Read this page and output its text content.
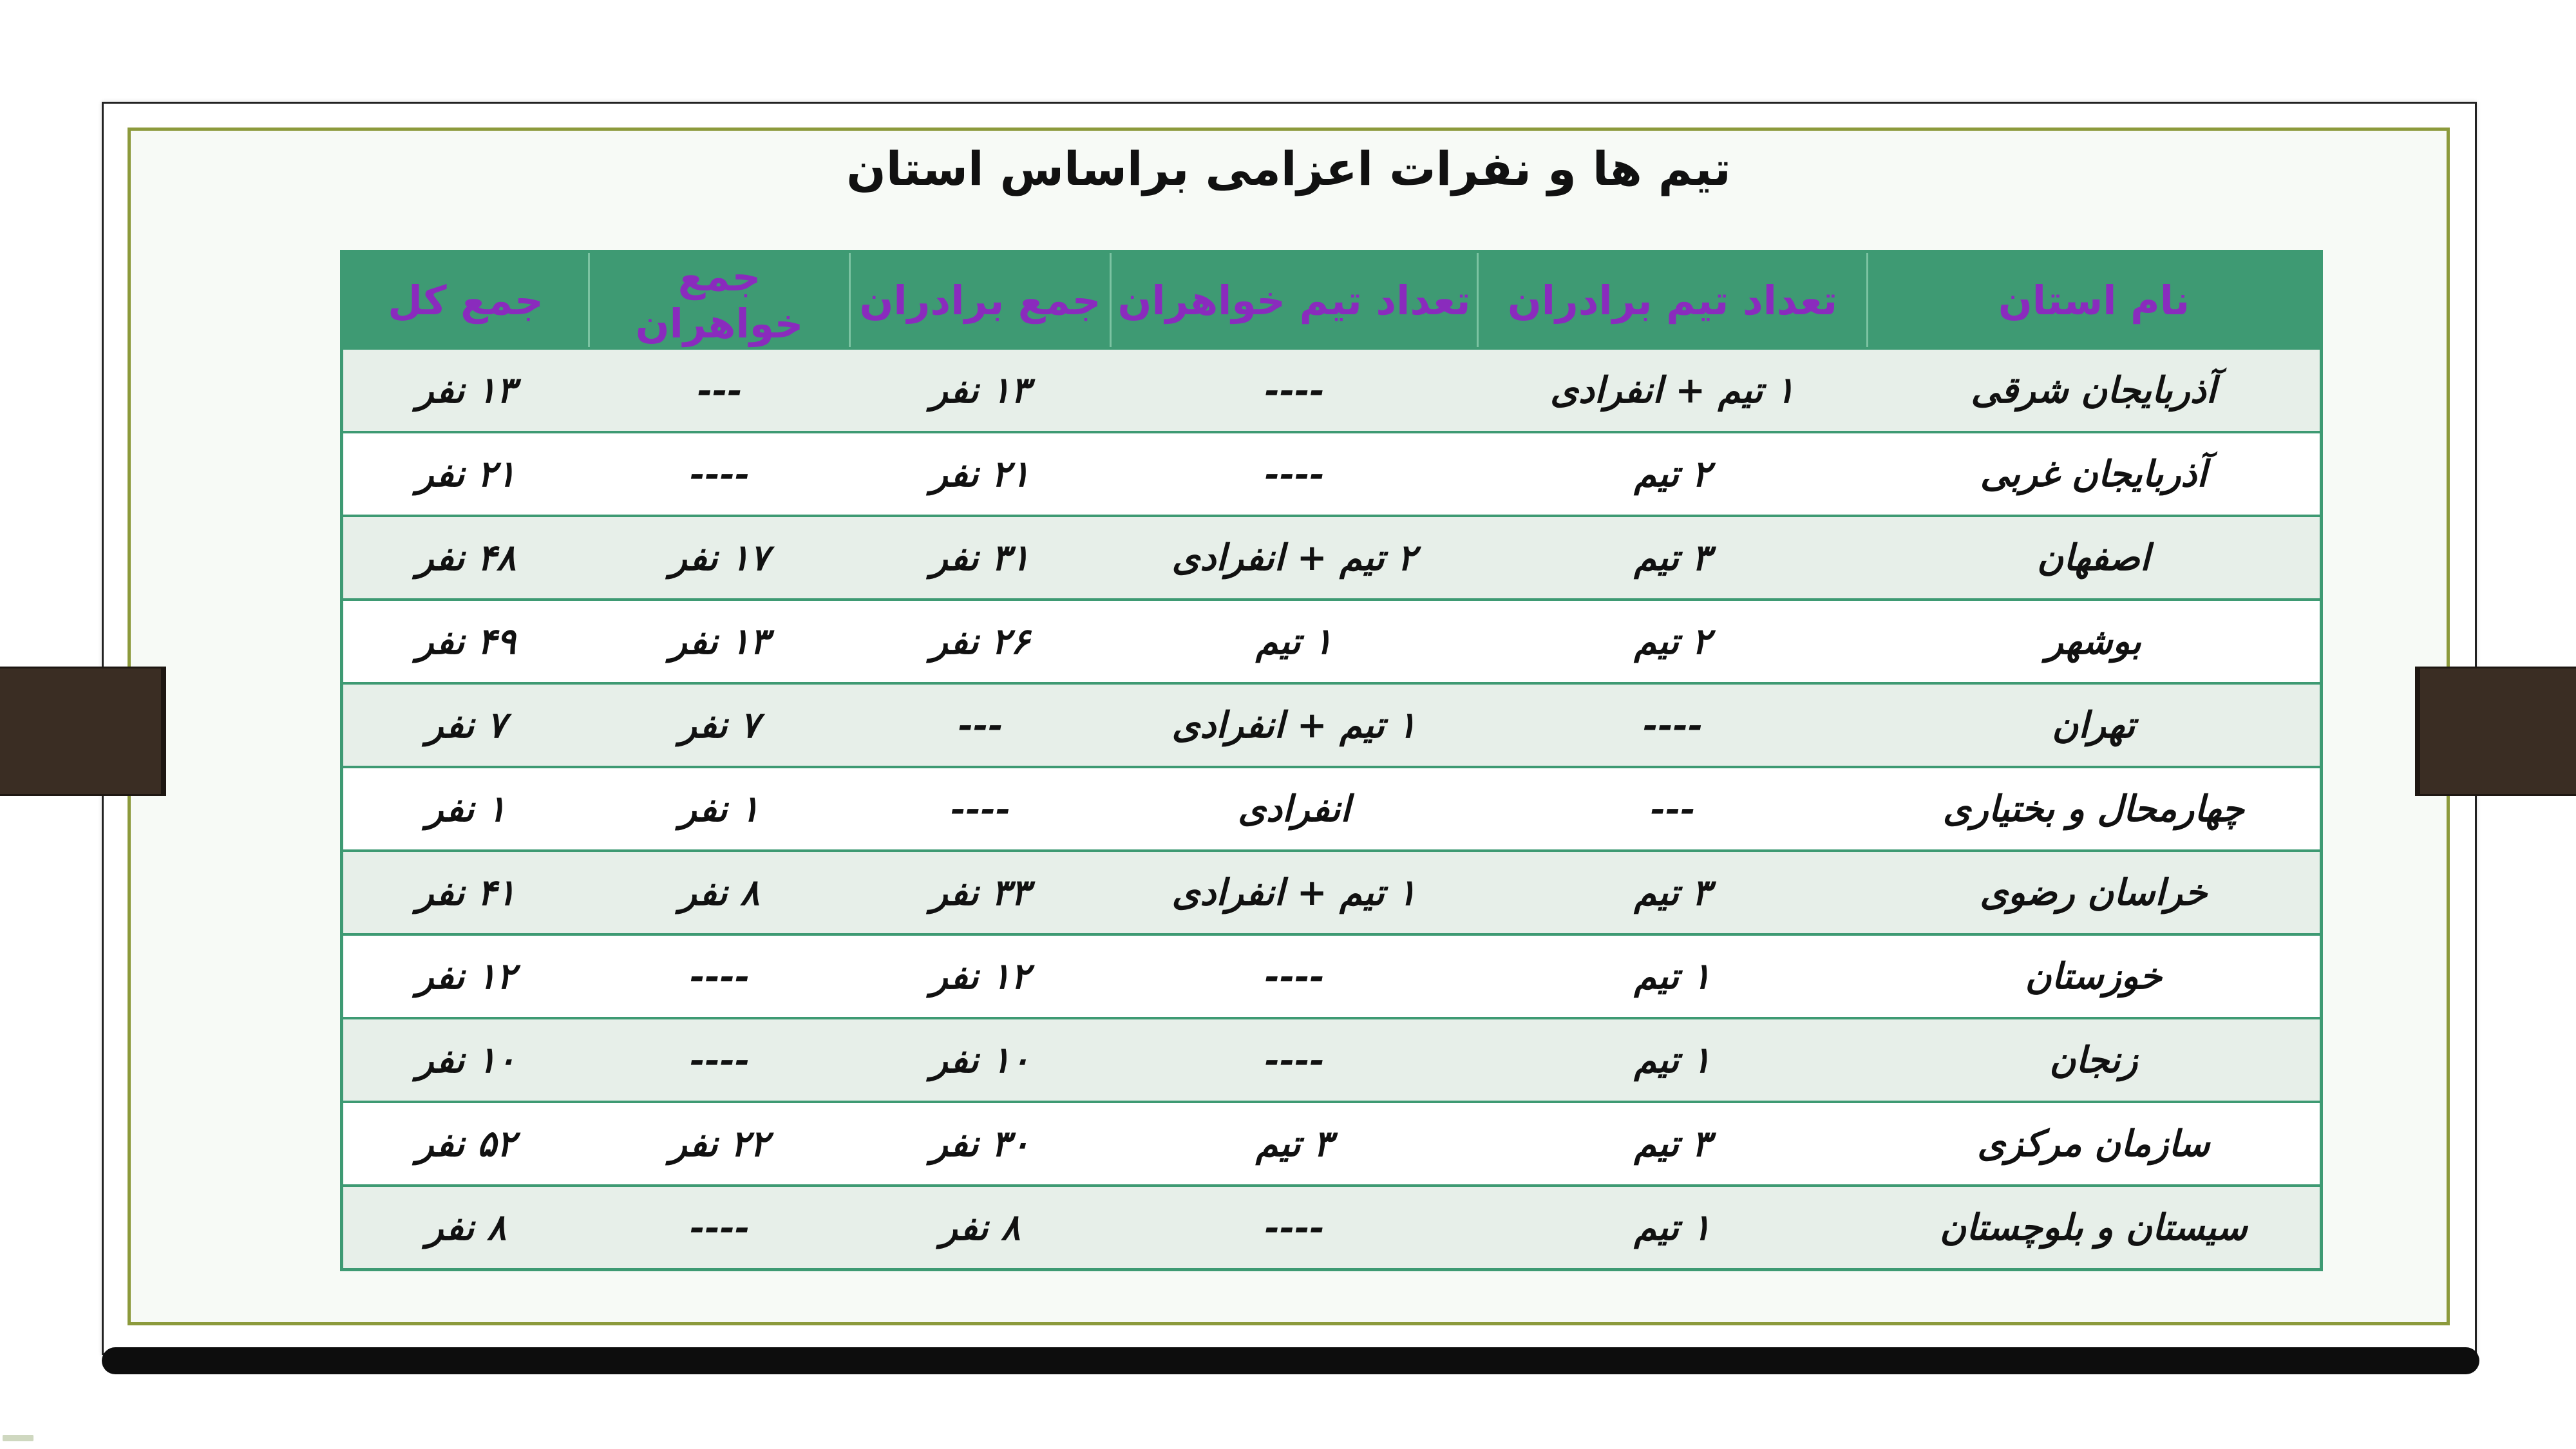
تیم ها و نفرات اعزامی براساس استان
نام استان	تعداد تیم برادران	تعداد تیم خواهران	جمع برادران	جمع خواهران	جمع کل
آذربایجان شرقی	۱ تیم + انفرادی	----	۱۳ نفر	---	۱۳ نفر
آذربایجان غربی	۲ تیم	----	۲۱ نفر	----	۲۱ نفر
اصفهان	۳ تیم	۲ تیم + انفرادی	۳۱ نفر	۱۷ نفر	۴۸ نفر
بوشهر	۲ تیم	۱ تیم	۲۶ نفر	۱۳ نفر	۴۹ نفر
تهران	----	۱ تیم + انفرادی	---	۷ نفر	۷ نفر
چهارمحال و بختیاری	---	انفرادی	----	۱ نفر	۱ نفر
خراسان رضوی	۳ تیم	۱ تیم + انفرادی	۳۳ نفر	۸ نفر	۴۱ نفر
خوزستان	۱ تیم	----	۱۲ نفر	----	۱۲ نفر
زنجان	۱ تیم	----	۱۰ نفر	----	۱۰ نفر
سازمان مرکزی	۳ تیم	۳ تیم	۳۰ نفر	۲۲ نفر	۵۲ نفر
سیستان و بلوچستان	۱ تیم	----	۸ نفر	----	۸ نفر
